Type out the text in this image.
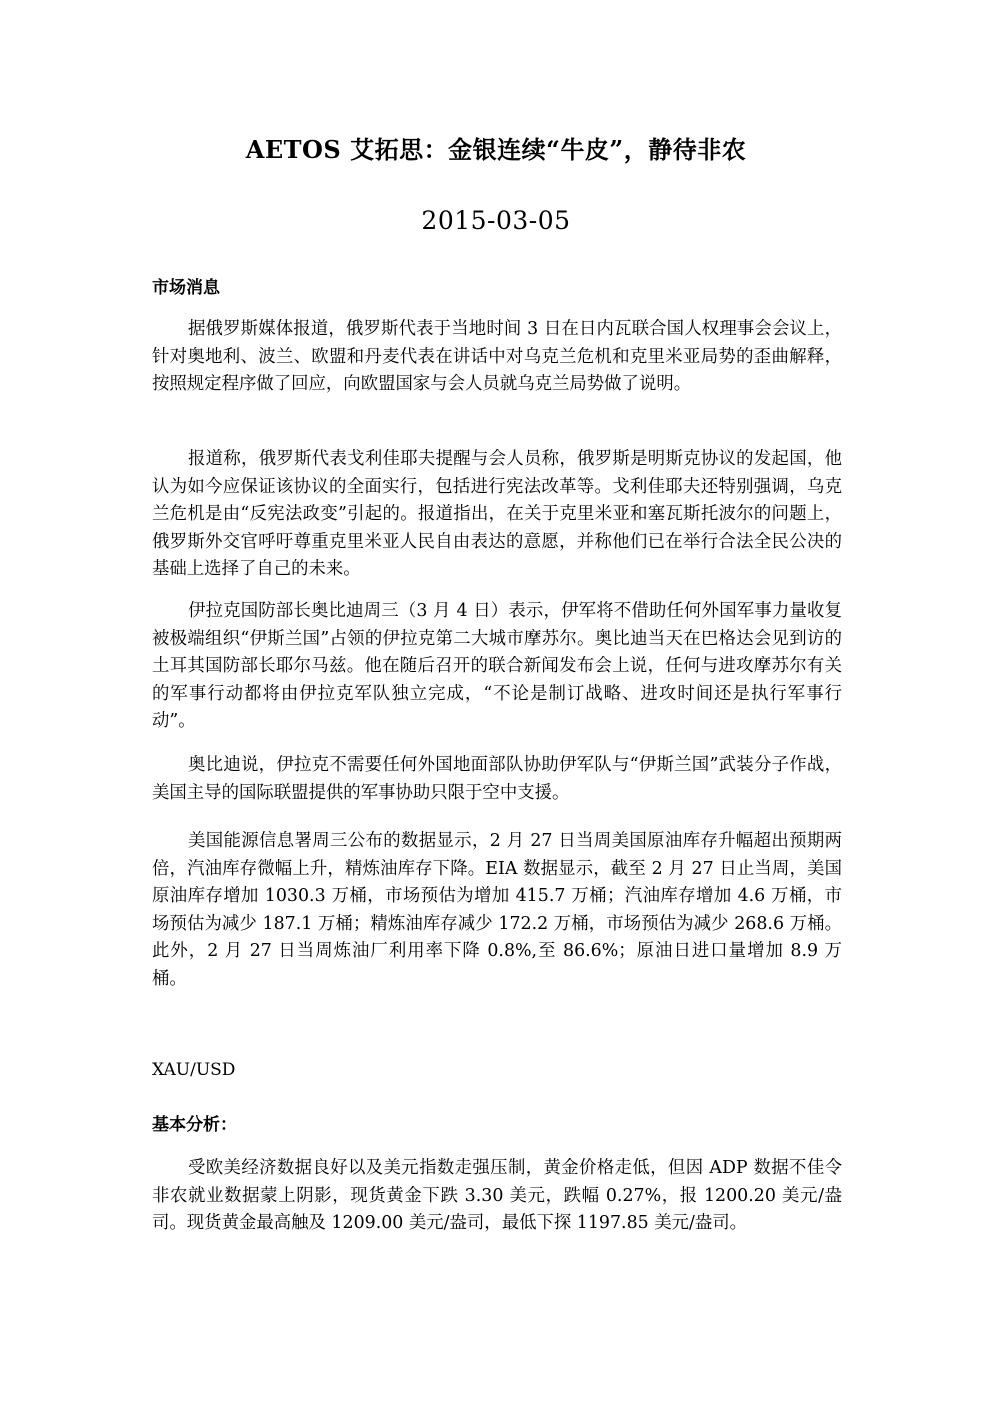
AETOS 艾拓思：金银连续“牛皮”，静待非农
2015-03-05
市场消息

据俄罗斯媒体报道，俄罗斯代表于当地时间 3 日在日内瓦联合国人权理事会会议上，针对奥地利、波兰、欧盟和丹麦代表在讲话中对乌克兰危机和克里米亚局势的歪曲解释，按照规定程序做了回应，向欧盟国家与会人员就乌克兰局势做了说明。

报道称，俄罗斯代表戈利佳耶夫提醒与会人员称，俄罗斯是明斯克协议的发起国，他认为如今应保证该协议的全面实行，包括进行宪法改革等。戈利佳耶夫还特别强调，乌克兰危机是由“反宪法政变”引起的。报道指出，在关于克里米亚和塞瓦斯托波尔的问题上，俄罗斯外交官呼吁尊重克里米亚人民自由表达的意愿，并称他们已在举行合法全民公决的基础上选择了自己的未来。

伊拉克国防部长奥比迪周三（3 月 4 日）表示，伊军将不借助任何外国军事力量收复被极端组织“伊斯兰国”占领的伊拉克第二大城市摩苏尔。奥比迪当天在巴格达会见到访的土耳其国防部长耶尔马兹。他在随后召开的联合新闻发布会上说，任何与进攻摩苏尔有关的军事行动都将由伊拉克军队独立完成，“不论是制订战略、进攻时间还是执行军事行动”。

奥比迪说，伊拉克不需要任何外国地面部队协助伊军队与“伊斯兰国”武装分子作战，美国主导的国际联盟提供的军事协助只限于空中支援。

美国能源信息署周三公布的数据显示，2 月 27 日当周美国原油库存升幅超出预期两倍，汽油库存微幅上升，精炼油库存下降。EIA 数据显示，截至 2 月 27 日止当周，美国原油库存增加 1030.3 万桶，市场预估为增加 415.7 万桶；汽油库存增加 4.6 万桶，市场预估为减少 187.1 万桶；精炼油库存减少 172.2 万桶，市场预估为减少 268.6 万桶。此外，2 月 27 日当周炼油厂利用率下降 0.8%,至 86.6%；原油日进口量增加 8.9 万桶。

XAU/USD
基本分析：

受欧美经济数据良好以及美元指数走强压制，黄金价格走低，但因 ADP 数据不佳令非农就业数据蒙上阴影，现货黄金下跌 3.30 美元，跌幅 0.27%，报 1200.20 美元/盎司。现货黄金最高触及 1209.00 美元/盎司，最低下探 1197.85 美元/盎司。
